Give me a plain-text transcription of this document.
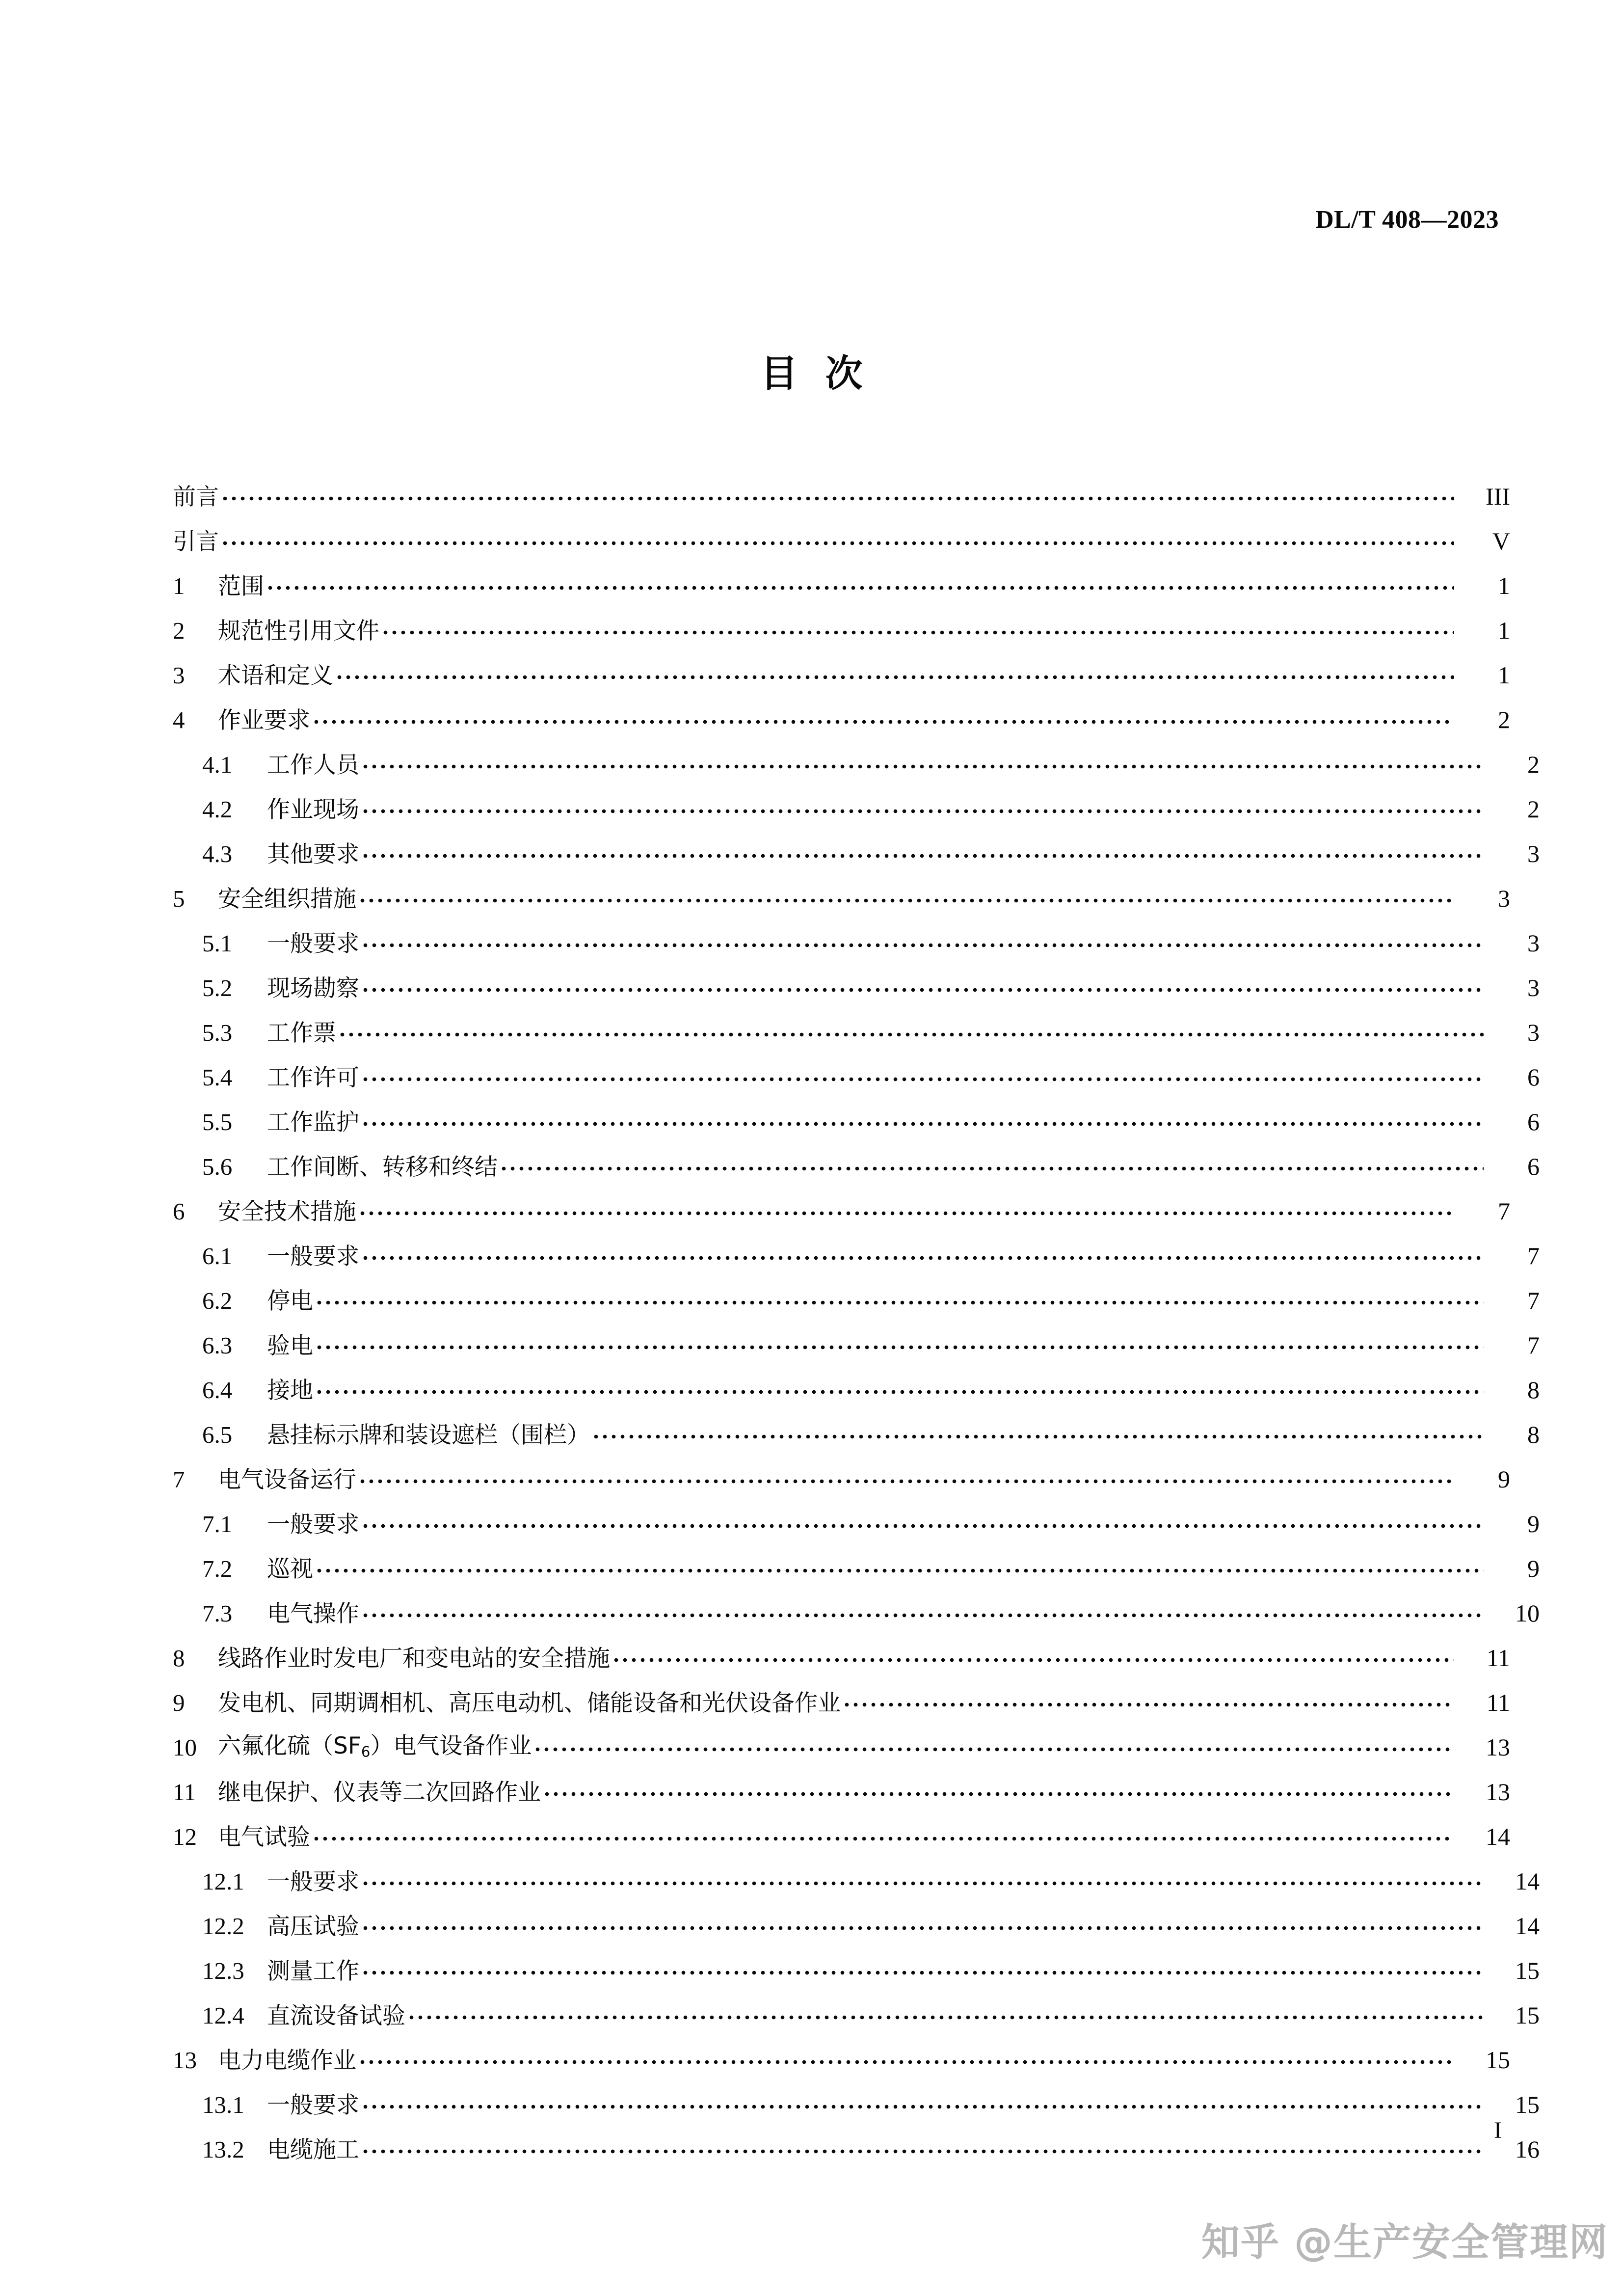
DL/T 408—2023
目次
前言	III
引言	V
1	范围	1
2	规范性引用文件	1
3	术语和定义	1
4	作业要求	2
4.1	工作人员	2
4.2	作业现场	2
4.3	其他要求	3
5	安全组织措施	3
5.1	一般要求	3
5.2	现场勘察	3
5.3	工作票	3
5.4	工作许可	6
5.5	工作监护	6
5.6	工作间断、转移和终结	6
6	安全技术措施	7
6.1	一般要求	7
6.2	停电	7
6.3	验电	7
6.4	接地	8
6.5	悬挂标示牌和装设遮栏（围栏）	8
7	电气设备运行	9
7.1	一般要求	9
7.2	巡视	9
7.3	电气操作	10
8	线路作业时发电厂和变电站的安全措施	11
9	发电机、同期调相机、高压电动机、储能设备和光伏设备作业	11
10 六氟化硫$(SF_6)$电气设备作业	13
11 继电保护、仪表等二次回路作业	13
12 电气试验	14
12.1 一般要求	14
12.2 高压试验	14
12.3 测量工作	15
12.4 直流设备试验	15
13 电力电缆作业	15
13.1 一般要求	15
13.2 电缆施工	16
I
知乎 @生产安全管理网
